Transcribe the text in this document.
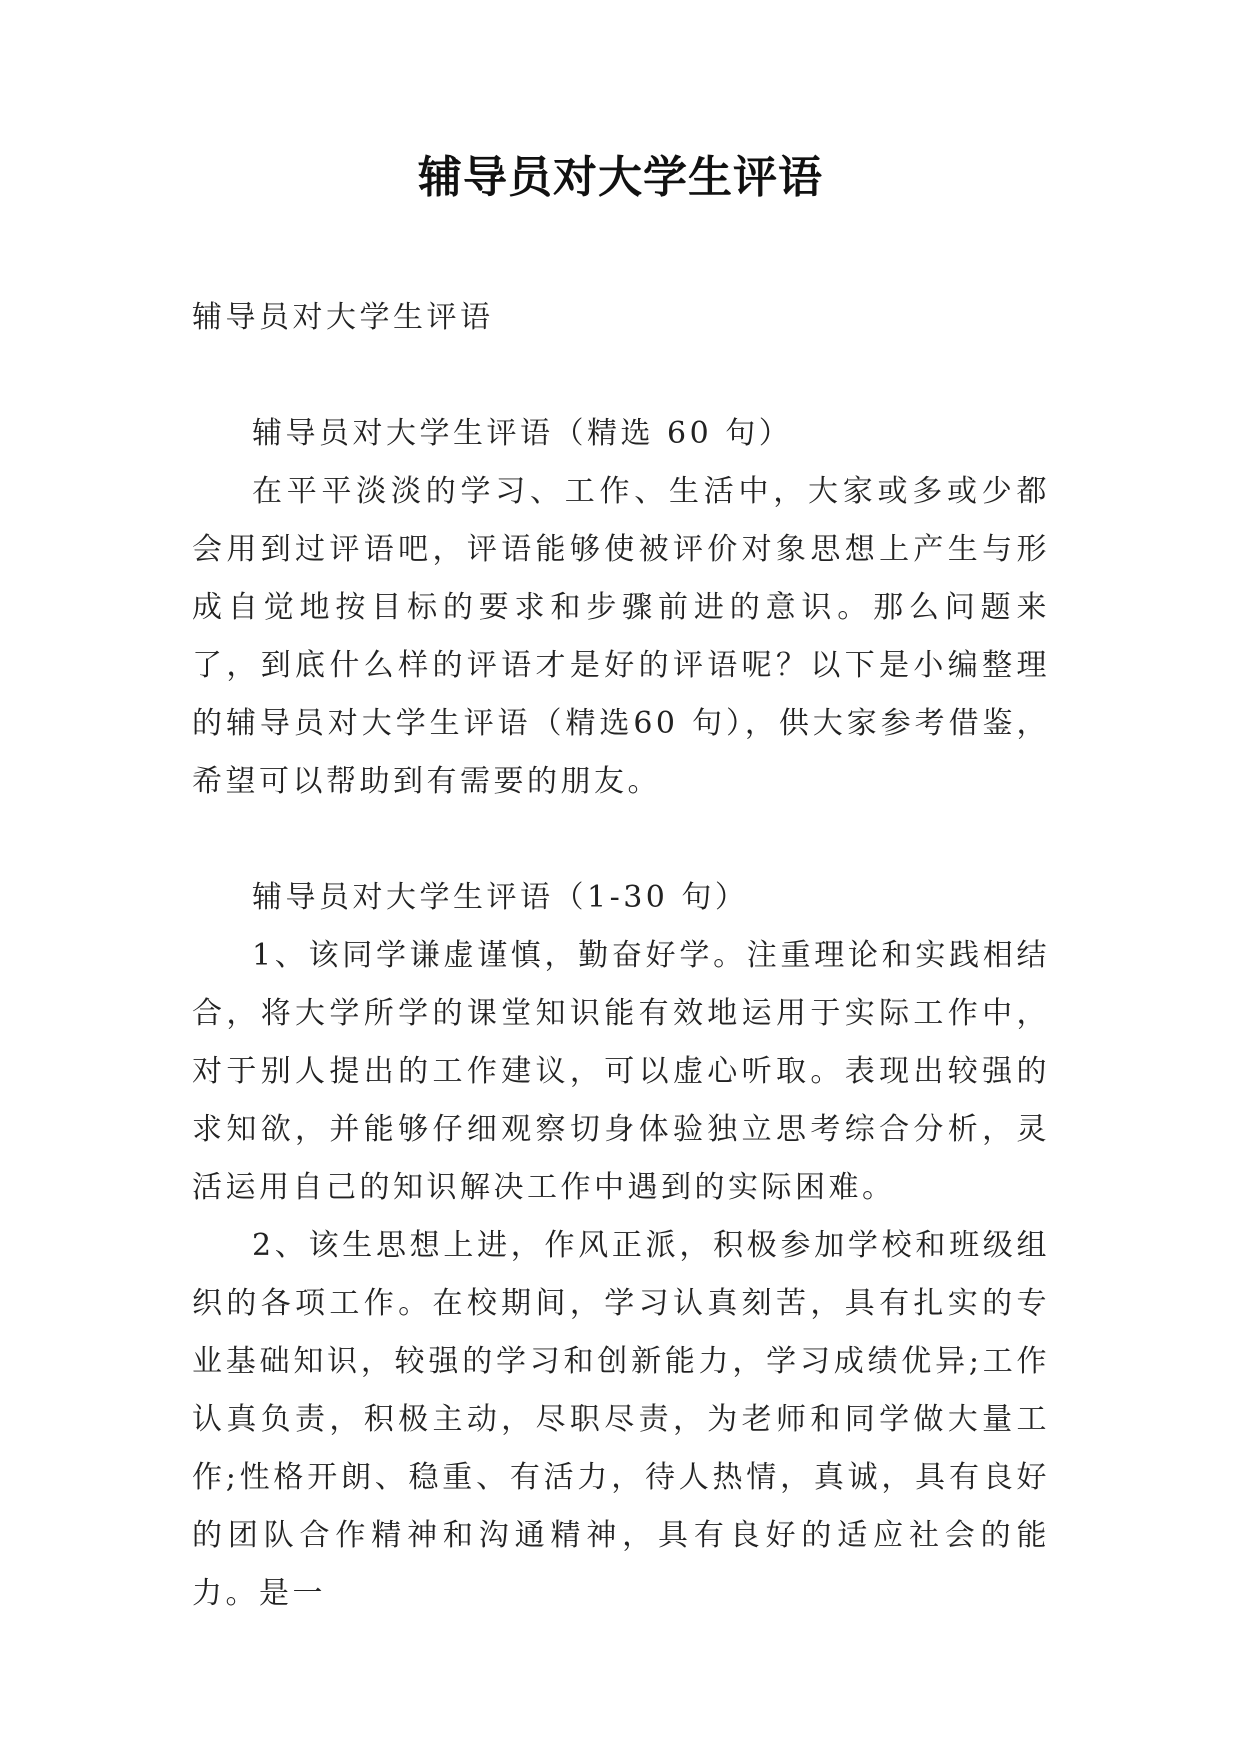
辅导员对大学生评语

辅导员对大学生评语

辅导员对大学生评语（精选 60 句）

在平平淡淡的学习、工作、生活中，大家或多或少都会用到过评语吧，评语能够使被评价对象思想上产生与形成自觉地按目标的要求和步骤前进的意识。那么问题来了，到底什么样的评语才是好的评语呢？以下是小编整理的辅导员对大学生评语（精选60 句），供大家参考借鉴，希望可以帮助到有需要的朋友。

辅导员对大学生评语（1-30 句）

1、该同学谦虚谨慎，勤奋好学。注重理论和实践相结合，将大学所学的课堂知识能有效地运用于实际工作中，对于别人提出的工作建议，可以虚心听取。表现出较强的求知欲，并能够仔细观察切身体验独立思考综合分析，灵活运用自己的知识解决工作中遇到的实际困难。

2、该生思想上进，作风正派，积极参加学校和班级组织的各项工作。在校期间，学习认真刻苦，具有扎实的专业基础知识，较强的学习和创新能力，学习成绩优异;工作认真负责，积极主动，尽职尽责，为老师和同学做大量工作;性格开朗、稳重、有活力，待人热情，真诚，具有良好的团队合作精神和沟通精神，具有良好的适应社会的能力。是一
